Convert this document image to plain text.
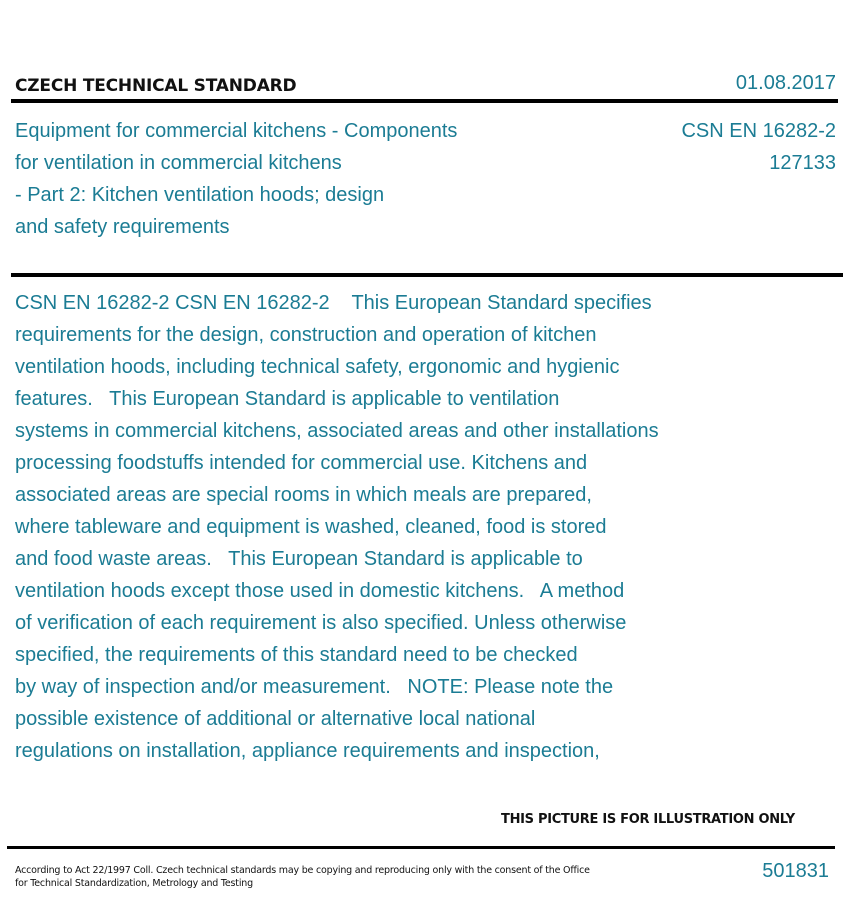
CZECH TECHNICAL STANDARD	01.08.2017
Equipment for commercial kitchens - Components
for ventilation in commercial kitchens
- Part 2: Kitchen ventilation hoods; design
and safety requirements
CSN EN 16282-2
127133
CSN EN 16282-2 CSN EN 16282-2    This European Standard specifies
requirements for the design, construction and operation of kitchen
ventilation hoods, including technical safety, ergonomic and hygienic
features.   This European Standard is applicable to ventilation
systems in commercial kitchens, associated areas and other installations
processing foodstuffs intended for commercial use. Kitchens and
associated areas are special rooms in which meals are prepared,
where tableware and equipment is washed, cleaned, food is stored
and food waste areas.   This European Standard is applicable to
ventilation hoods except those used in domestic kitchens.   A method
of verification of each requirement is also specified. Unless otherwise
specified, the requirements of this standard need to be checked
by way of inspection and/or measurement.   NOTE: Please note the
possible existence of additional or alternative local national
regulations on installation, appliance requirements and inspection,
THIS PICTURE IS FOR ILLUSTRATION ONLY
According to Act 22/1997 Coll. Czech technical standards may be copying and reproducing only with the consent of the Office
for Technical Standardization, Metrology and Testing
501831
